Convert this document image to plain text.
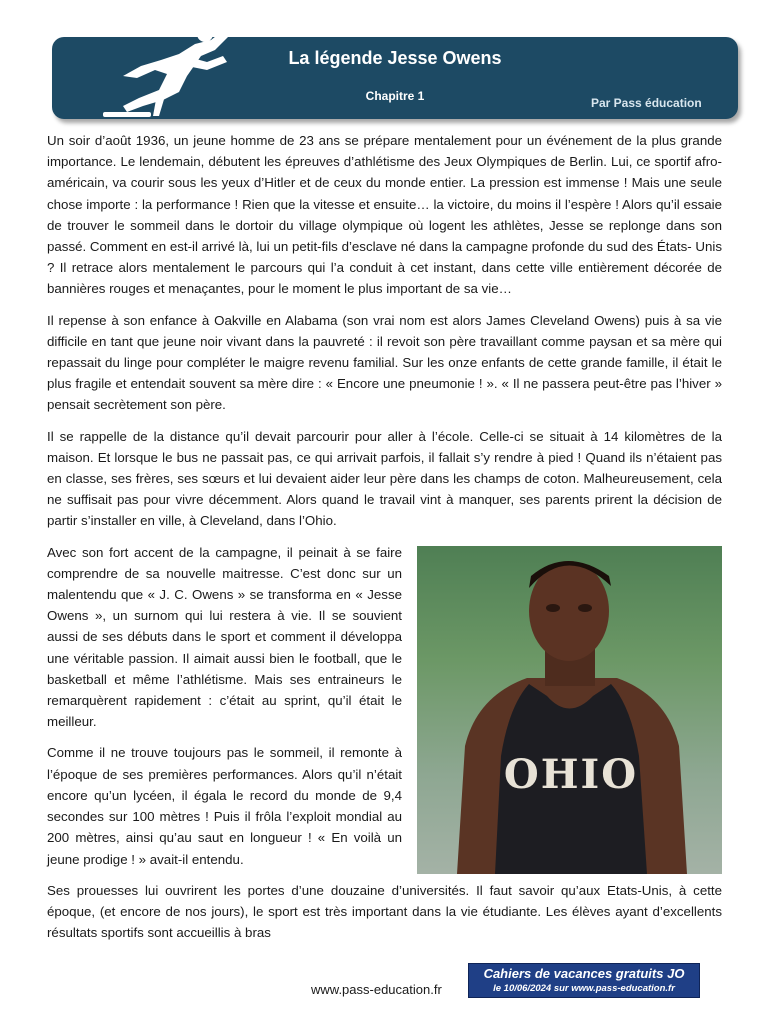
La légende Jesse Owens
Chapitre 1	Par Pass éducation

Un soir d’août 1936, un jeune homme de 23 ans se prépare mentalement pour un événement de la plus grande importance. Le lendemain, débutent les épreuves d’athlétisme des Jeux Olympiques de Berlin. Lui, ce sportif afro-américain, va courir sous les yeux d’Hitler et de ceux du monde entier. La pression est immense ! Mais une seule chose importe : la performance ! Rien que la vitesse et ensuite… la victoire, du moins il l’espère ! Alors qu’il essaie de trouver le sommeil dans le dortoir du village olympique où logent les athlètes, Jesse se replonge dans son passé. Comment en est-il arrivé là, lui un petit-fils d’esclave né dans la campagne profonde du sud des États- Unis ? Il retrace alors mentalement le parcours qui l’a conduit à cet instant, dans cette ville entièrement décorée de bannières rouges et menaçantes, pour le moment le plus important de sa vie…

Il repense à son enfance à Oakville en Alabama (son vrai nom est alors James Cleveland Owens) puis à sa vie difficile en tant que jeune noir vivant dans la pauvreté : il revoit son père travaillant comme paysan et sa mère qui repassait du linge pour compléter le maigre revenu familial. Sur les onze enfants de cette grande famille, il était le plus fragile et entendait souvent sa mère dire : « Encore une pneumonie ! ». « Il ne passera peut-être pas l’hiver » pensait secrètement son père.

Il se rappelle de la distance qu’il devait parcourir pour aller à l’école. Celle-ci se situait à 14 kilomètres de la maison. Et lorsque le bus ne passait pas, ce qui arrivait parfois, il fallait s’y rendre à pied ! Quand ils n’étaient pas en classe, ses frères, ses sœurs et lui devaient aider leur père dans les champs de coton. Malheureusement, cela ne suffisait pas pour vivre décemment. Alors quand le travail vint à manquer, ses parents prirent la décision de partir s’installer en ville, à Cleveland, dans l’Ohio.

OHIO
Avec son fort accent de la campagne, il peinait à se faire comprendre de sa nouvelle maitresse. C’est donc sur un malentendu que « J. C. Owens » se transforma en « Jesse Owens », un surnom qui lui restera à vie. Il se souvient aussi de ses débuts dans le sport et comment il développa une véritable passion. Il aimait aussi bien le football, que le basketball et même l’athlétisme. Mais ses entraineurs le remarquèrent rapidement : c’était au sprint, qu’il était le meilleur.

Comme il ne trouve toujours pas le sommeil, il remonte à l’époque de ses premières performances. Alors qu’il n’était encore qu’un lycéen, il égala le record du monde de 9,4 secondes sur 100 mètres ! Puis il frôla l’exploit mondial au 200 mètres, ainsi qu’au saut en longueur ! « En voilà un jeune prodige ! » avait-il entendu.

Ses prouesses lui ouvrirent les portes d’une douzaine d’universités. Il faut savoir qu’aux Etats-Unis, à cette époque, (et encore de nos jours), le sport est très important dans la vie étudiante. Les élèves ayant d’excellents résultats sportifs sont accueillis à bras

www.pass-education.fr
Cahiers de vacances gratuits JO
le 10/06/2024 sur www.pass-education.fr
